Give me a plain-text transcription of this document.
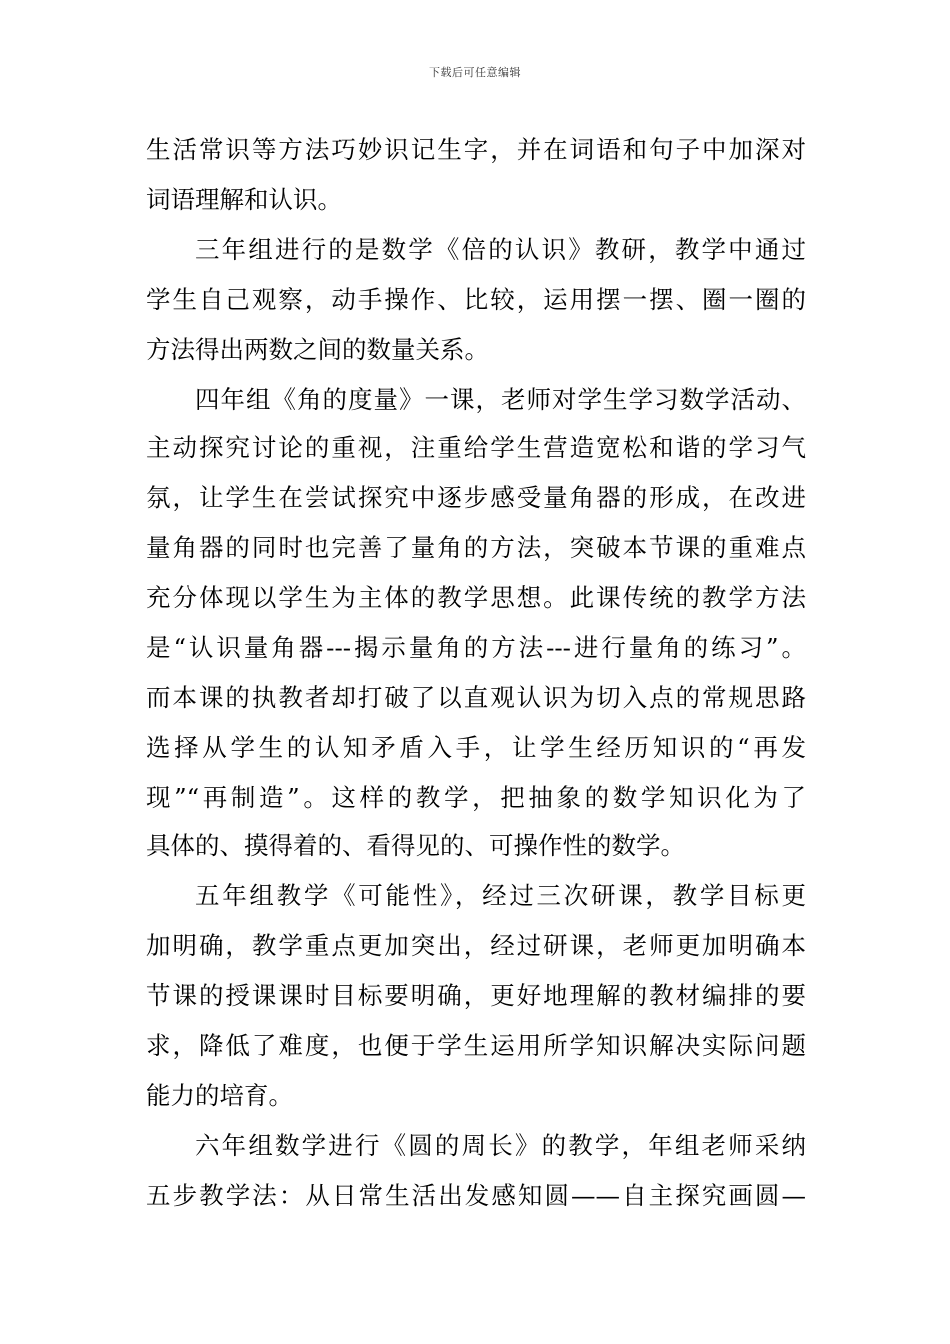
下载后可任意编辑
生活常识等方法巧妙识记生字，并在词语和句子中加深对
词语理解和认识。
三年组进行的是数学《倍的认识》教研，教学中通过
学生自己观察，动手操作、比较，运用摆一摆、圈一圈的
方法得出两数之间的数量关系。
四年组《角的度量》一课，老师对学生学习数学活动、
主动探究讨论的重视，注重给学生营造宽松和谐的学习气
氛，让学生在尝试探究中逐步感受量角器的形成，在改进
量角器的同时也完善了量角的方法，突破本节课的重难点
充分体现以学生为主体的教学思想。此课传统的教学方法
是“认识量角器---揭示量角的方法---进行量角的练习”。
而本课的执教者却打破了以直观认识为切入点的常规思路
选择从学生的认知矛盾入手，让学生经历知识的“再发
现”“再制造”。这样的教学，把抽象的数学知识化为了
具体的、摸得着的、看得见的、可操作性的数学。
五年组教学《可能性》，经过三次研课，教学目标更
加明确，教学重点更加突出，经过研课，老师更加明确本
节课的授课课时目标要明确，更好地理解的教材编排的要
求，降低了难度，也便于学生运用所学知识解决实际问题
能力的培育。
六年组数学进行《圆的周长》的教学，年组老师采纳
五步教学法：从日常生活出发感知圆——自主探究画圆—
